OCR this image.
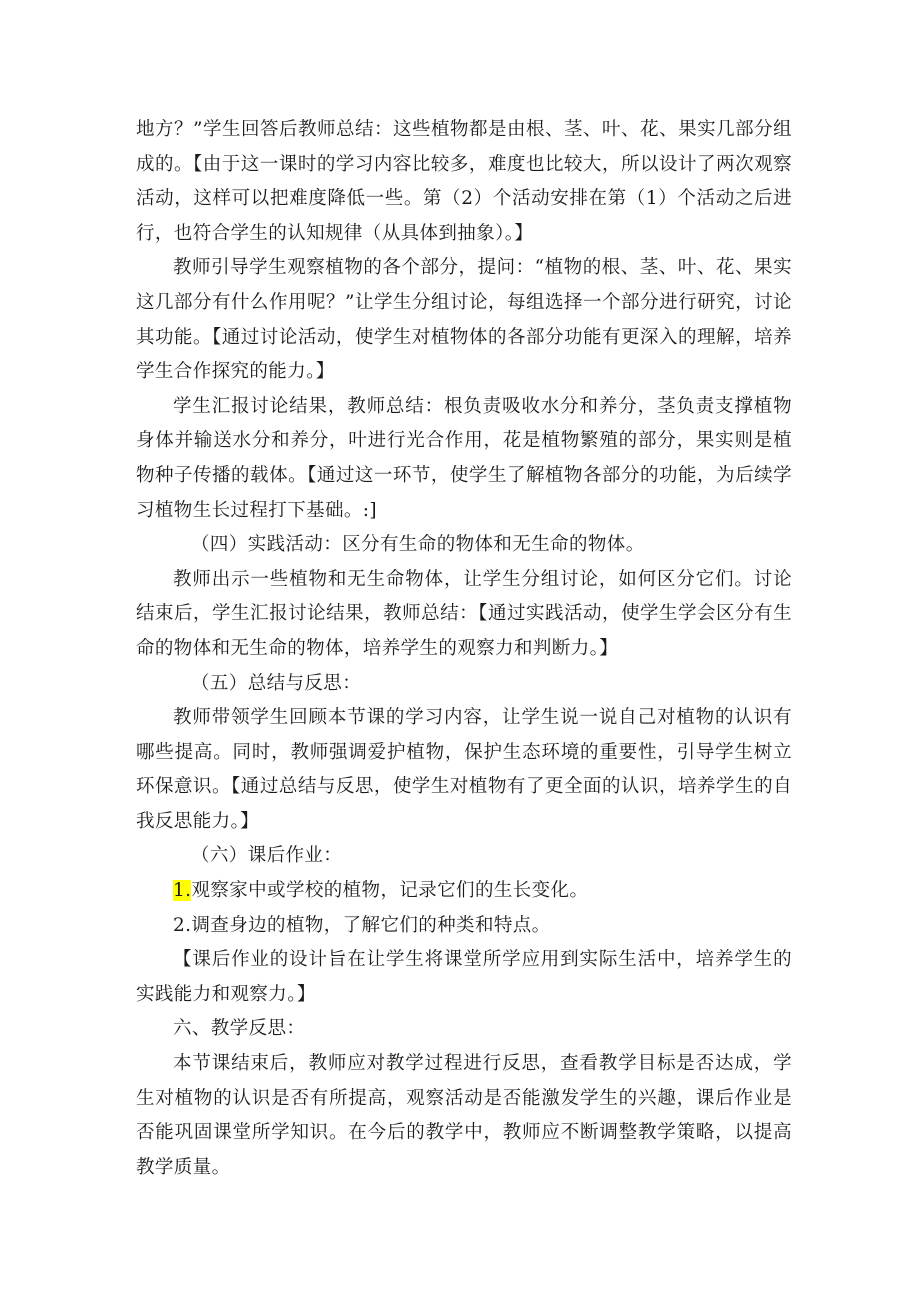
地方？”学生回答后教师总结：这些植物都是由根、茎、叶、花、果实几部分组成的。【由于这一课时的学习内容比较多，难度也比较大，所以设计了两次观察活动，这样可以把难度降低一些。第（2）个活动安排在第（1）个活动之后进行，也符合学生的认知规律（从具体到抽象）。】

教师引导学生观察植物的各个部分，提问：“植物的根、茎、叶、花、果实这几部分有什么作用呢？”让学生分组讨论，每组选择一个部分进行研究，讨论其功能。【通过讨论活动，使学生对植物体的各部分功能有更深入的理解，培养学生合作探究的能力。】

学生汇报讨论结果，教师总结：根负责吸收水分和养分，茎负责支撑植物身体并输送水分和养分，叶进行光合作用，花是植物繁殖的部分，果实则是植物种子传播的载体。【通过这一环节，使学生了解植物各部分的功能，为后续学习植物生长过程打下基础。:]

（四）实践活动：区分有生命的物体和无生命的物体。

教师出示一些植物和无生命物体，让学生分组讨论，如何区分它们。讨论结束后，学生汇报讨论结果，教师总结：【通过实践活动，使学生学会区分有生命的物体和无生命的物体，培养学生的观察力和判断力。】

（五）总结与反思：

教师带领学生回顾本节课的学习内容，让学生说一说自己对植物的认识有哪些提高。同时，教师强调爱护植物，保护生态环境的重要性，引导学生树立环保意识。【通过总结与反思，使学生对植物有了更全面的认识，培养学生的自我反思能力。】

（六）课后作业：

1.观察家中或学校的植物，记录它们的生长变化。

2.调查身边的植物，了解它们的种类和特点。

【课后作业的设计旨在让学生将课堂所学应用到实际生活中，培养学生的实践能力和观察力。】

六、教学反思：

本节课结束后，教师应对教学过程进行反思，查看教学目标是否达成，学生对植物的认识是否有所提高，观察活动是否能激发学生的兴趣，课后作业是否能巩固课堂所学知识。在今后的教学中，教师应不断调整教学策略，以提高教学质量。
